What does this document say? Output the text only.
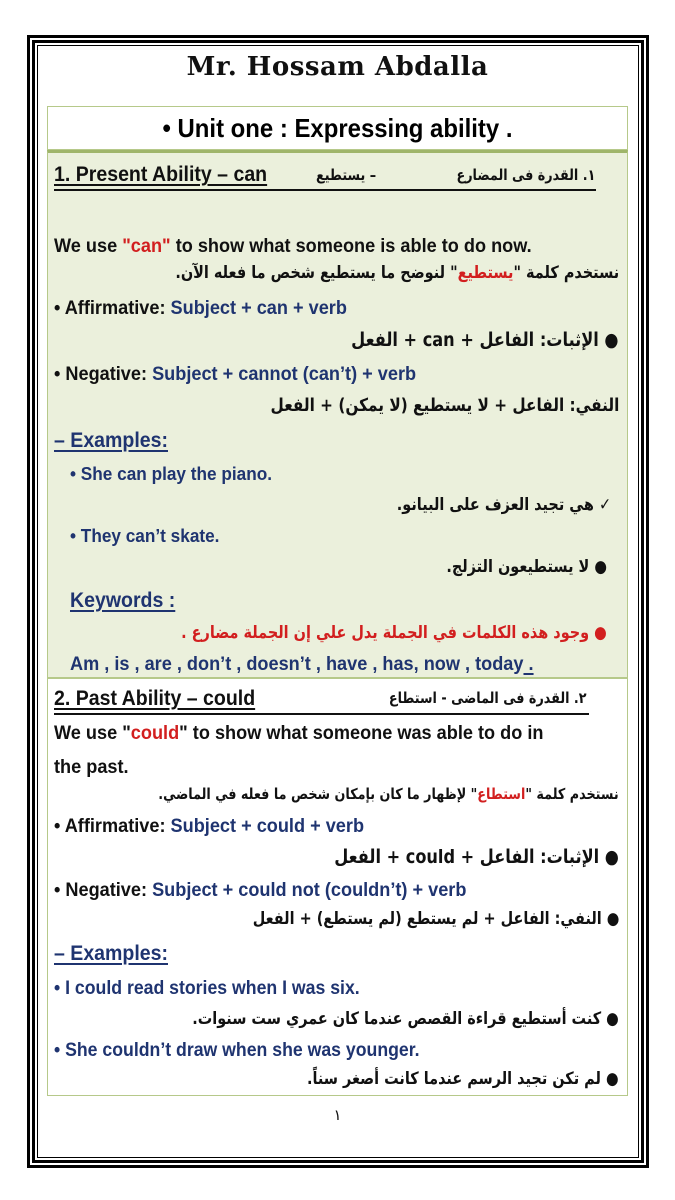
Mr. Hossam Abdalla
• Unit one : Expressing ability .
1. Present Ability – can	– يستطيع	١. القدرة فى المضارع
We use "can" to show what someone is able to do now.
نستخدم كلمة "يستطيع" لنوضح ما يستطيع شخص ما فعله الآن.
• Affirmative: Subject + can + verb
● الإثبات: الفاعل + can + الفعل
• Negative: Subject + cannot (can’t) + verb
النفي: الفاعل + لا يستطيع (لا يمكن) + الفعل
– Examples:
• She can play the piano.
✓ هي تجيد العزف على البيانو.
• They can’t skate.
● لا يستطيعون التزلج.
Keywords :
● وجود هذه الكلمات في الجملة يدل علي إن الجملة مضارع .
Am , is , are , don’t , doesn’t , have , has, now , today .
2. Past Ability – could	٢. القدرة فى الماضى - استطاع
We use "could" to show what someone was able to do in
the past.
نستخدم كلمة "استطاع" لإظهار ما كان بإمكان شخص ما فعله في الماضي.
• Affirmative: Subject + could + verb
● الإثبات: الفاعل + could + الفعل
• Negative: Subject + could not (couldn’t) + verb
● النفي: الفاعل + لم يستطع (لم يستطع) + الفعل
– Examples:
• I could read stories when I was six.
● كنت أستطيع قراءة القصص عندما كان عمري ست سنوات.
• She couldn’t draw when she was younger.
● لم تكن تجيد الرسم عندما كانت أصغر سناً.
١
